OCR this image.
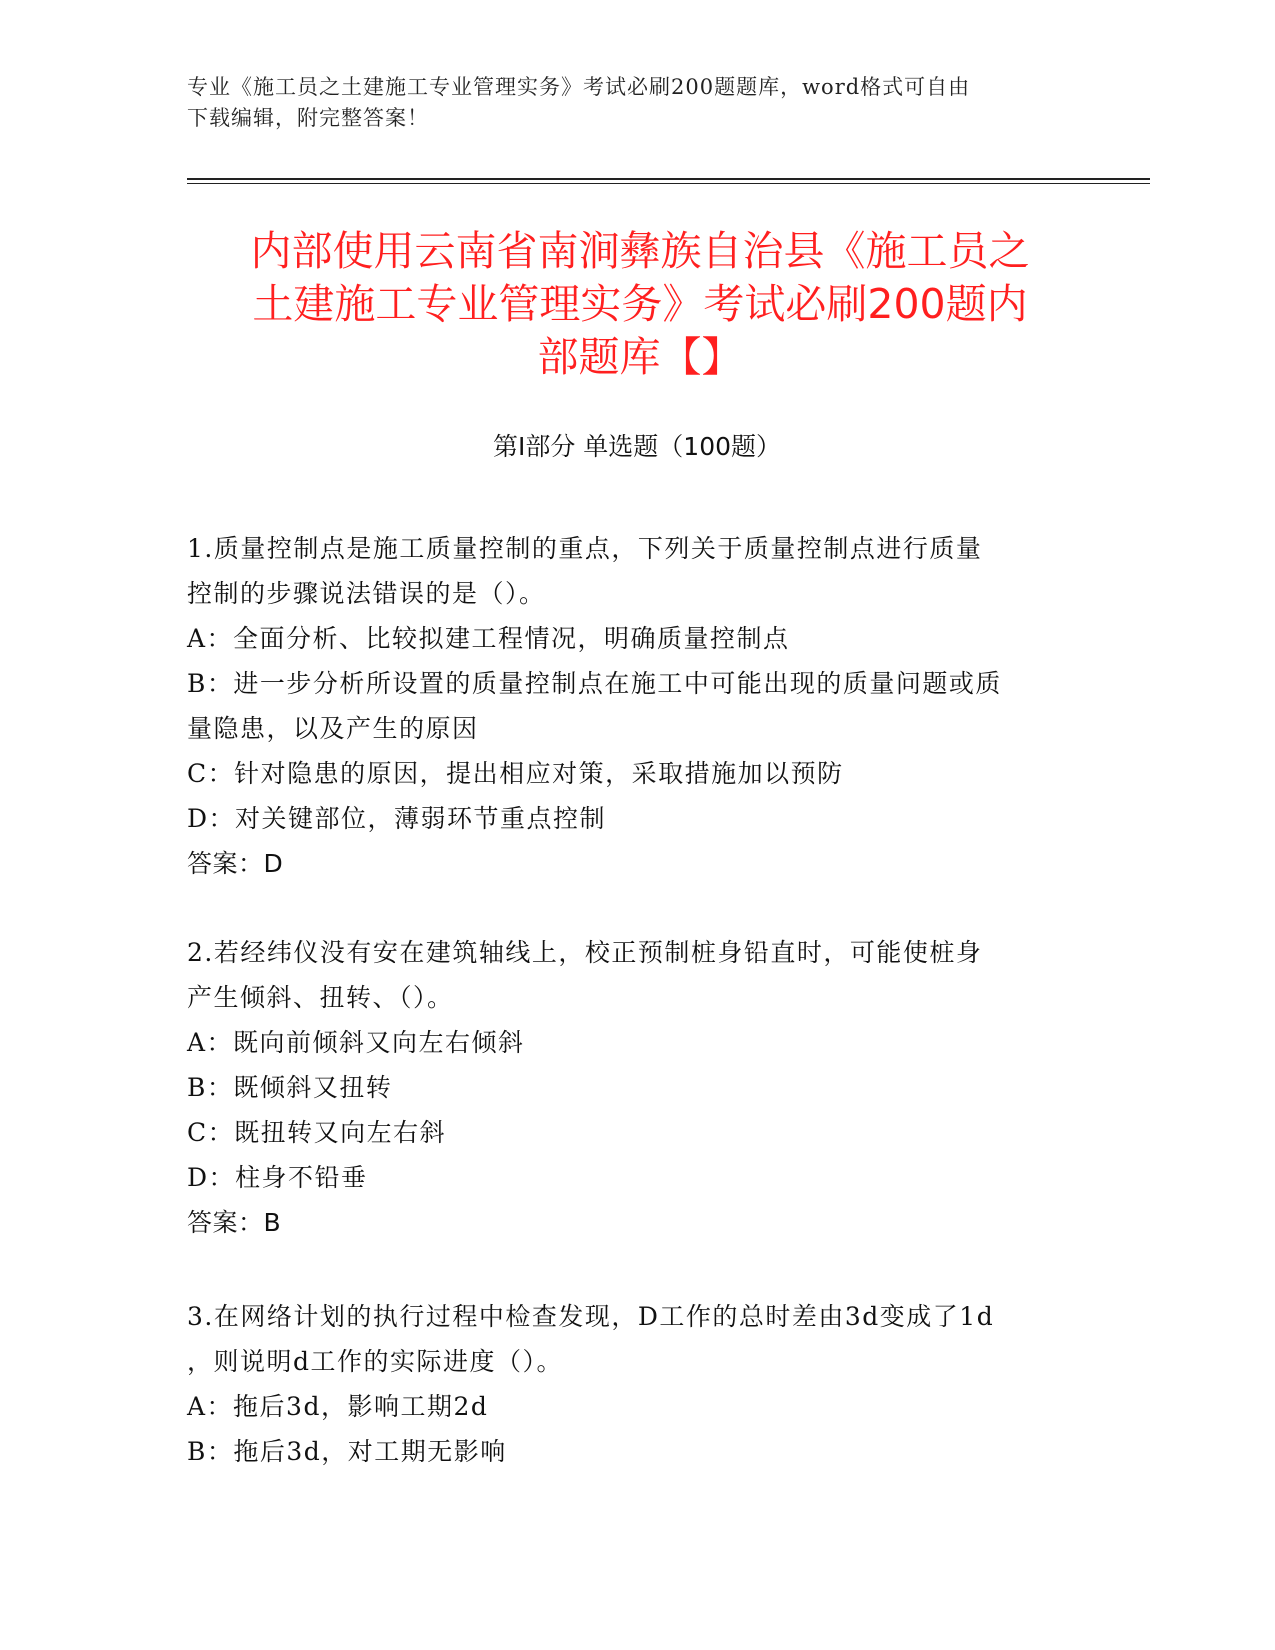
专业《施工员之土建施工专业管理实务》考试必刷200题题库，word格式可自由
下载编辑，附完整答案！
内部使用云南省南涧彝族自治县《施工员之
土建施工专业管理实务》考试必刷200题内
部题库【】
第Ⅰ部分 单选题（100题）
1.质量控制点是施工质量控制的重点，下列关于质量控制点进行质量
控制的步骤说法错误的是（）。
A：全面分析、比较拟建工程情况，明确质量控制点
B：进一步分析所设置的质量控制点在施工中可能出现的质量问题或质
量隐患，以及产生的原因
C：针对隐患的原因，提出相应对策，采取措施加以预防
D：对关键部位，薄弱环节重点控制
答案：D
2.若经纬仪没有安在建筑轴线上，校正预制桩身铅直时，可能使桩身
产生倾斜、扭转、（）。
A：既向前倾斜又向左右倾斜
B：既倾斜又扭转
C：既扭转又向左右斜
D：柱身不铅垂
答案：B
3.在网络计划的执行过程中检查发现，D工作的总时差由3d变成了1d
，则说明d工作的实际进度（）。
A：拖后3d，影响工期2d
B：拖后3d，对工期无影响
